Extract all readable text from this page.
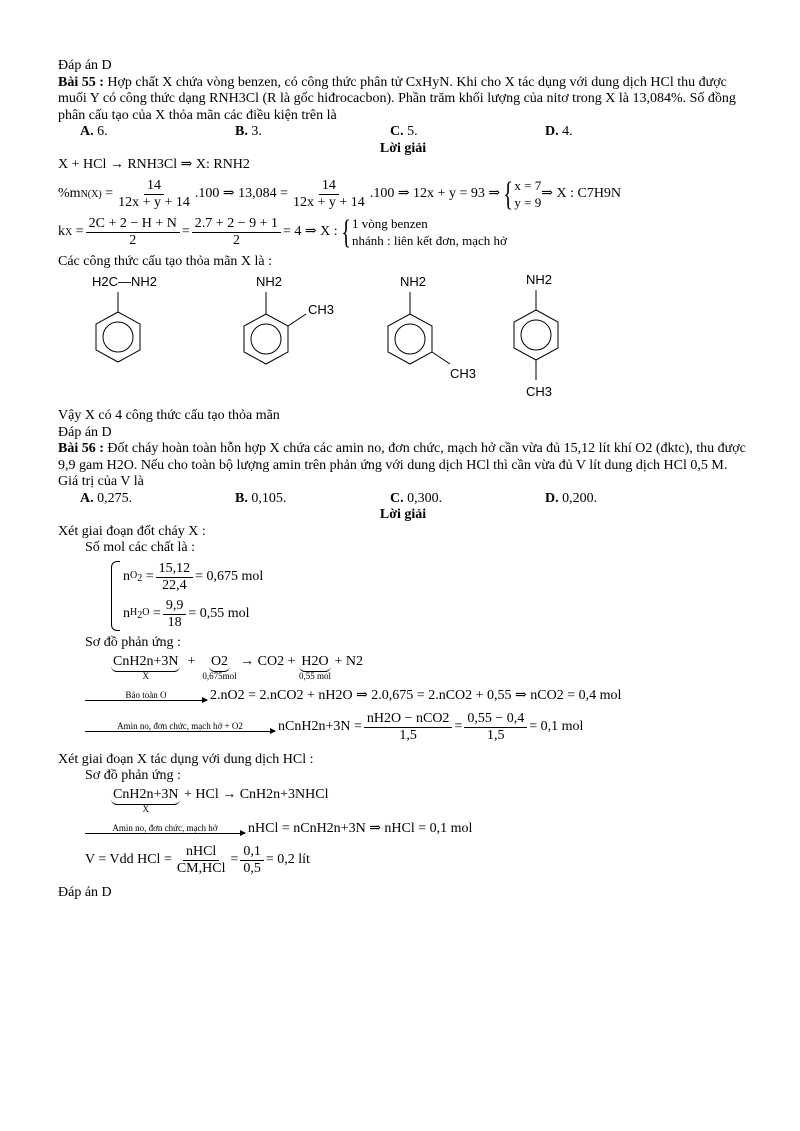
Đáp án D

Bài 55 : Hợp chất X chứa vòng benzen, có công thức phân tử CxHyN. Khi cho X tác dụng với dung dịch HCl thu được muối Y có công thức dạng RNH3Cl (R là gốc hiđrocacbon). Phần trăm khối lượng của nitơ trong X là 13,084%. Số đồng phân cấu tạo của X thỏa mãn các điều kiện trên là

A. 6.	B. 3.	C. 5.	D. 4.

Lời giải

X + HCl → RNH3Cl ⇒ X: RNH2

%m $N(X) = \frac{14}{12x + y + 14} .100$ ⇒ $13,084 = \frac{14}{12x + y + 14} .100$ ⇒ 12x + y = 93 ⇒ { x = 7
y = 9
⇒ X : C7H9N
k $X = \frac{2C + 2 - H + N}{2} = \frac{2.7 + 2 - 9 + 1}{2} = 4$ ⇒ X : { 1 vòng benzen
nhánh : liên kết đơn, mạch hở

Các công thức cấu tạo thỏa mãn X là :

H2C—NH2	NH2
CH3
NH2
CH3
NH2
CH3

Vậy X có 4 công thức cấu tạo thỏa mãn

Đáp án D

Bài 56 : Đốt cháy hoàn toàn hỗn hợp X chứa các amin no, đơn chức, mạch hở cần vừa đủ 15,12 lít khí O2 (đktc), thu được 9,9 gam H2O. Nếu cho toàn bộ lượng amin trên phản ứng với dung dịch HCl thì cần vừa đủ V lít dung dịch HCl 0,5 M. Giá trị của V là

A. 0,275.	B. 0,105.	C. 0,300.	D. 0,200.

Lời giải

Xét giai đoạn đốt cháy X :

Số mol các chất là :

n $O_2 = \frac{15,12}{22,4} = 0,675$ mol
n $H_2O = \frac{9,9}{18} = 0,55$ mol

Sơ đồ phản ứng :

CnH2n+3N
X
+ O2
0,675mol
→ CO2 + H2O
0,55 mol
+ N2
Bảo toàn O	2.nO2 = 2.nCO2 + nH2O ⇒ 2.0,675 = 2.nCO2 + 0,55 ⇒ nCO2 = 0,4 mol
Amin no, đơn chức, mạch hở + O2	nCnH2n+3N = $\frac{\text{nH2O − nCO2}}{1,5} = \frac{0,55 - 0,4}{1,5} = 0,1$ mol

Xét giai đoạn X tác dụng với dung dịch HCl :

Sơ đồ phản ứng :

CnH2n+3N
X
+ HCl → CnH2n+3NHCl
Amin no, đơn chức, mạch hở	nHCl = nCnH2n+3N ⇒ nHCl = 0,1 mol
V = Vdd HCl = $\frac{\text{nHCl}}{\text{CM,HCl}} = \frac{0,1}{0,5} = 0,2$ lít

Đáp án D
